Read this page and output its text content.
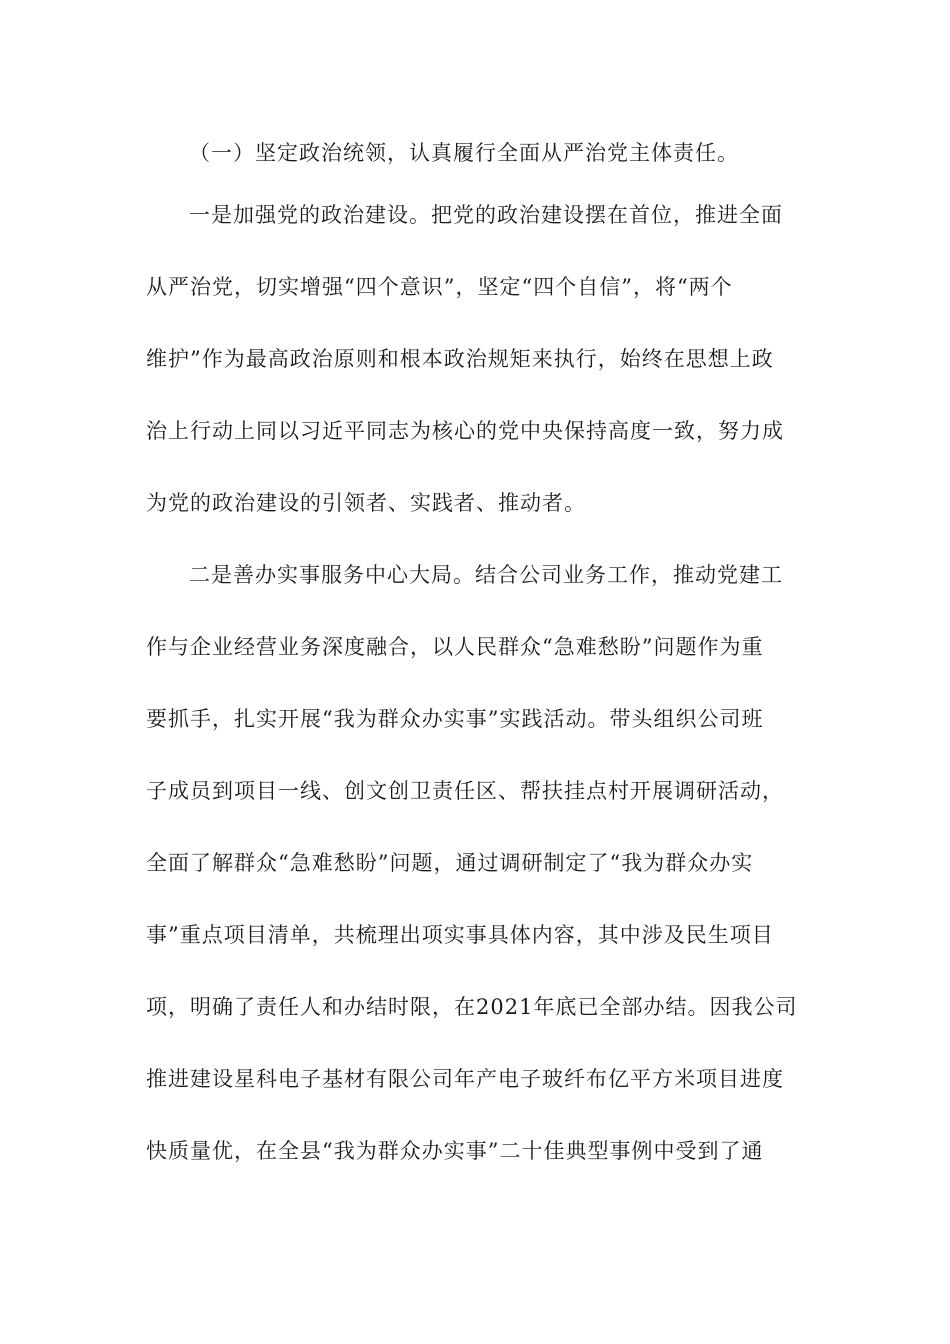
（一）坚定政治统领，认真履行全面从严治党主体责任。

一是加强党的政治建设。把党的政治建设摆在首位，推进全面
从严治党，切实增强“四个意识”，坚定“四个自信”，将“两个
维护”作为最高政治原则和根本政治规矩来执行，始终在思想上政
治上行动上同以习近平同志为核心的党中央保持高度一致，努力成
为党的政治建设的引领者、实践者、推动者。

二是善办实事服务中心大局。结合公司业务工作，推动党建工
作与企业经营业务深度融合，以人民群众“急难愁盼”问题作为重
要抓手，扎实开展“我为群众办实事”实践活动。带头组织公司班
子成员到项目一线、创文创卫责任区、帮扶挂点村开展调研活动，
全面了解群众“急难愁盼”问题，通过调研制定了“我为群众办实
事”重点项目清单，共梳理出项实事具体内容，其中涉及民生项目
项，明确了责任人和办结时限，在2021年底已全部办结。因我公司
推进建设星科电子基材有限公司年产电子玻纤布亿平方米项目进度
快质量优，在全县“我为群众办实事”二十佳典型事例中受到了通
